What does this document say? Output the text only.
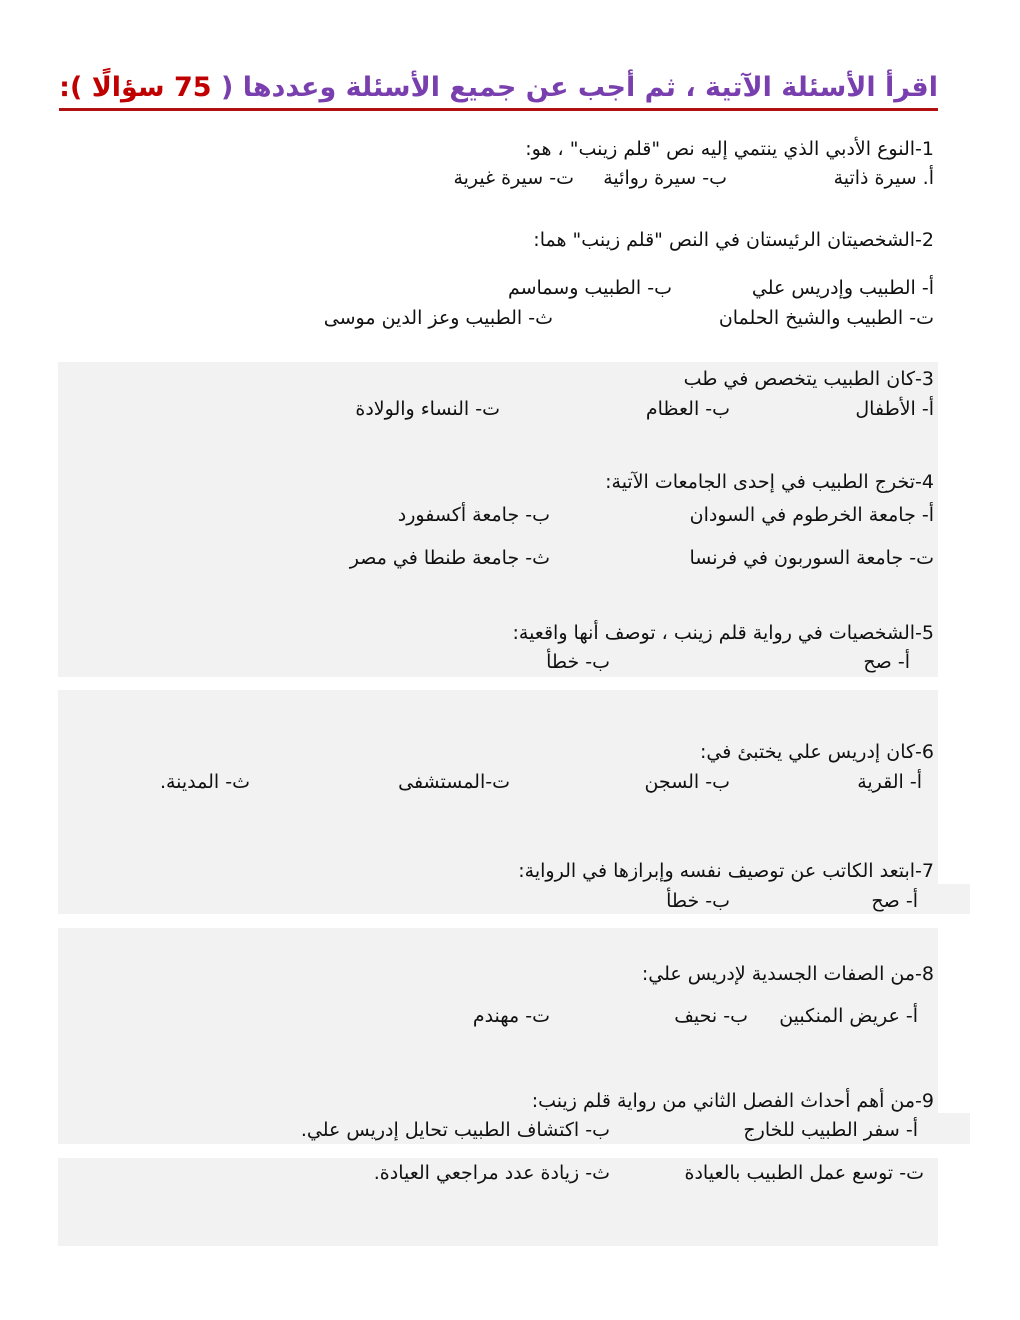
اقرأ الأسئلة الآتية ، ثم أجب عن جميع الأسئلة وعددها ( 75 سؤالًا ):
1-النوع الأدبي الذي ينتمي إليه نص "قلم زينب" ، هو:
أ. سيرة ذاتية
ب- سيرة روائية
ت- سيرة غيرية
2-الشخصيتان الرئيستان في النص "قلم زينب" هما:
أ- الطبيب وإدريس علي
ب- الطبيب وسماسم
ت- الطبيب والشيخ الحلمان
ث- الطبيب وعز الدين موسى
3-كان الطبيب يتخصص في طب
أ- الأطفال
ب- العظام
ت- النساء والولادة
4-تخرج الطبيب في إحدى الجامعات الآتية:
أ- جامعة الخرطوم في السودان
ب- جامعة أكسفورد
ت- جامعة السوربون في فرنسا
ث- جامعة طنطا في مصر
5-الشخصيات في رواية قلم زينب ، توصف أنها واقعية:
أ- صح
ب- خطأ
6-كان إدريس علي يختبئ في:
أ- القرية
ب- السجن
ت-المستشفى
ث- المدينة.
7-ابتعد الكاتب عن توصيف نفسه وإبرازها في الرواية:
أ- صح
ب- خطأ
8-من الصفات الجسدية لإدريس علي:
أ- عريض المنكبين
ب- نحيف
ت- مهندم
9-من أهم أحداث الفصل الثاني من رواية قلم زينب:
أ- سفر الطبيب للخارج
ب- اكتشاف الطبيب تحايل إدريس علي.
ت- توسع عمل الطبيب بالعيادة
ث- زيادة عدد مراجعي العيادة.
